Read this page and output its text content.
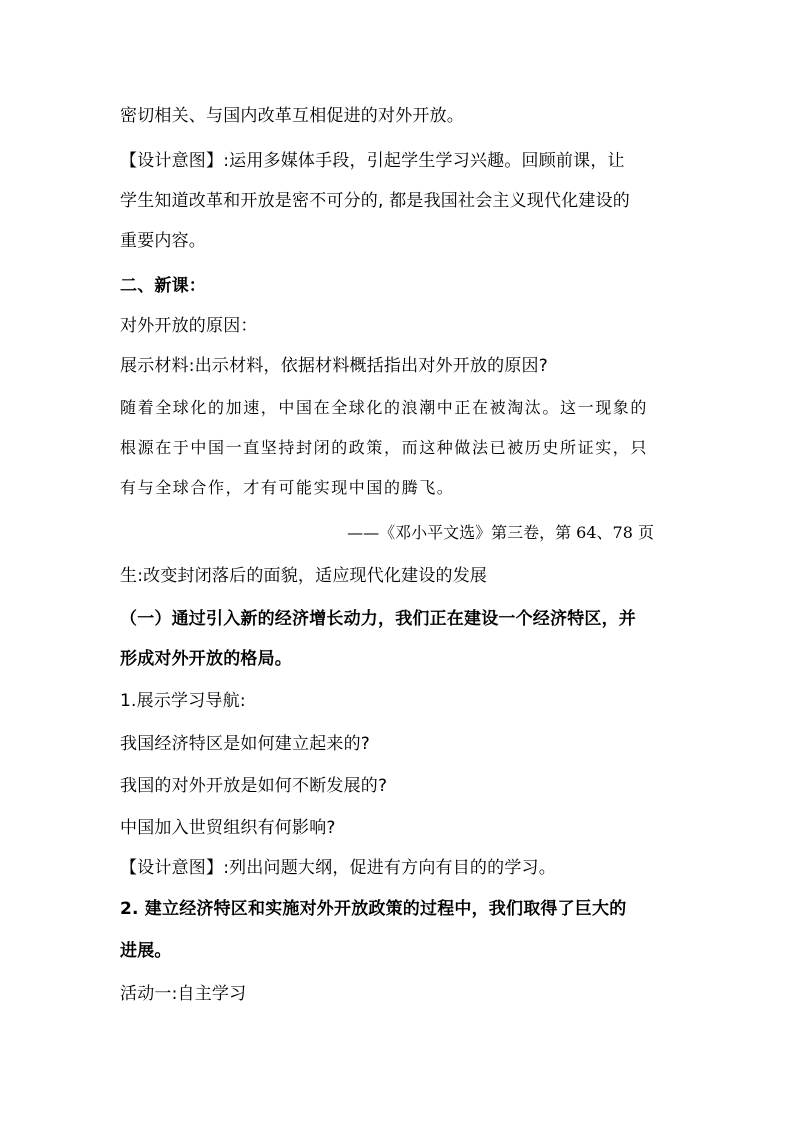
密切相关、与国内改革互相促进的对外开放。
【设计意图】:运用多媒体手段，引起学生学习兴趣。回顾前课，让
学生知道改革和开放是密不可分的, 都是我国社会主义现代化建设的
重要内容。
二、新课：
对外开放的原因：
展示材料:出示材料，依据材料概括指出对外开放的原因?
随着全球化的加速，中国在全球化的浪潮中正在被淘汰。这一现象的
根源在于中国一直坚持封闭的政策，而这种做法已被历史所证实，只
有与全球合作，才有可能实现中国的腾飞。
——《邓小平文选》第三卷，第 64、78 页
生:改变封闭落后的面貌，适应现代化建设的发展
（一）通过引入新的经济增长动力，我们正在建设一个经济特区，并
形成对外开放的格局。
1.展示学习导航:
我国经济特区是如何建立起来的?
我国的对外开放是如何不断发展的?
中国加入世贸组织有何影响?
【设计意图】:列出问题大纲，促进有方向有目的的学习。
2. 建立经济特区和实施对外开放政策的过程中，我们取得了巨大的
进展。
活动一:自主学习
